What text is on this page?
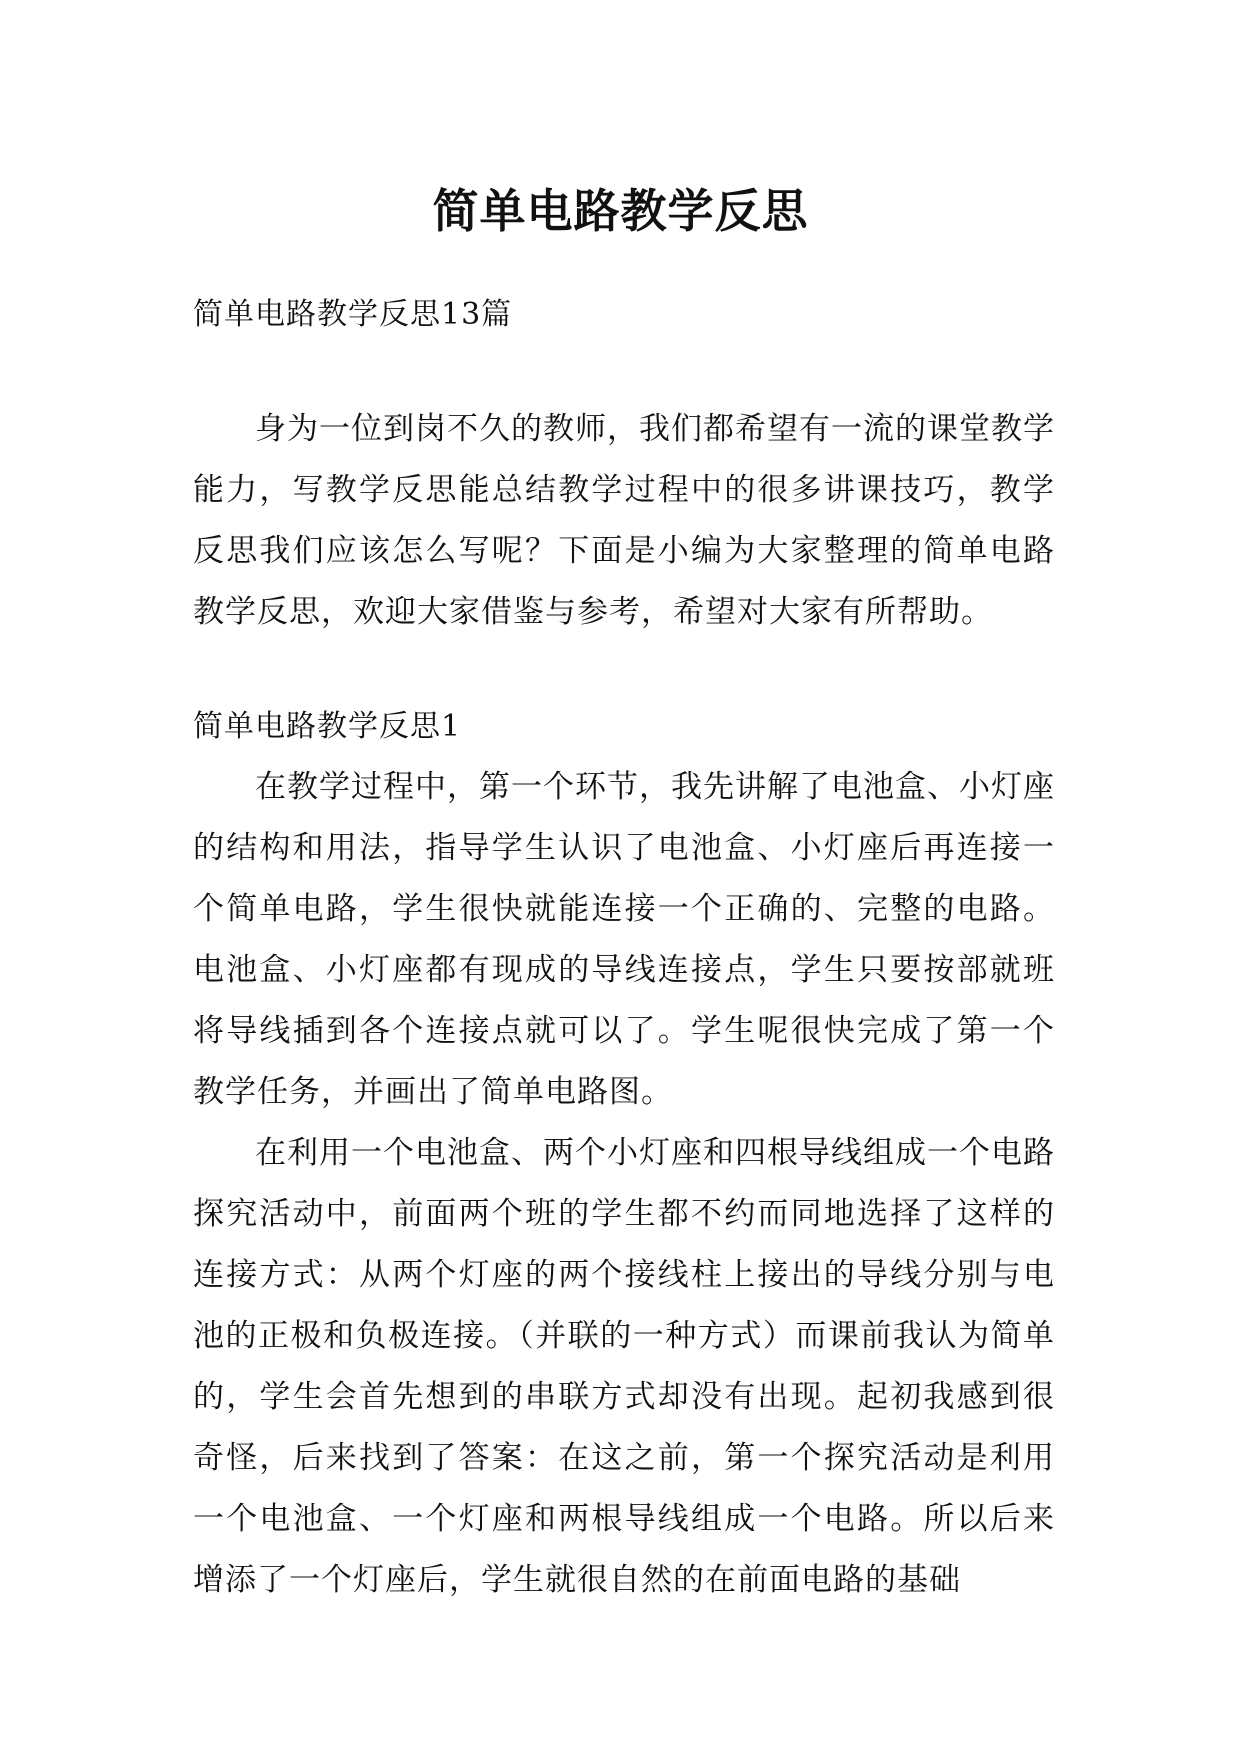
简单电路教学反思

简单电路教学反思13篇

身为一位到岗不久的教师，我们都希望有一流的课堂教学能力，写教学反思能总结教学过程中的很多讲课技巧，教学反思我们应该怎么写呢？下面是小编为大家整理的简单电路教学反思，欢迎大家借鉴与参考，希望对大家有所帮助。

简单电路教学反思1

在教学过程中，第一个环节，我先讲解了电池盒、小灯座的结构和用法，指导学生认识了电池盒、小灯座后再连接一个简单电路，学生很快就能连接一个正确的、完整的电路。电池盒、小灯座都有现成的导线连接点，学生只要按部就班将导线插到各个连接点就可以了。学生呢很快完成了第一个教学任务，并画出了简单电路图。

在利用一个电池盒、两个小灯座和四根导线组成一个电路探究活动中，前面两个班的学生都不约而同地选择了这样的连接方式：从两个灯座的两个接线柱上接出的导线分别与电池的正极和负极连接。（并联的一种方式）而课前我认为简单的，学生会首先想到的串联方式却没有出现。起初我感到很奇怪，后来找到了答案：在这之前，第一个探究活动是利用一个电池盒、一个灯座和两根导线组成一个电路。所以后来增添了一个灯座后，学生就很自然的在前面电路的基础
